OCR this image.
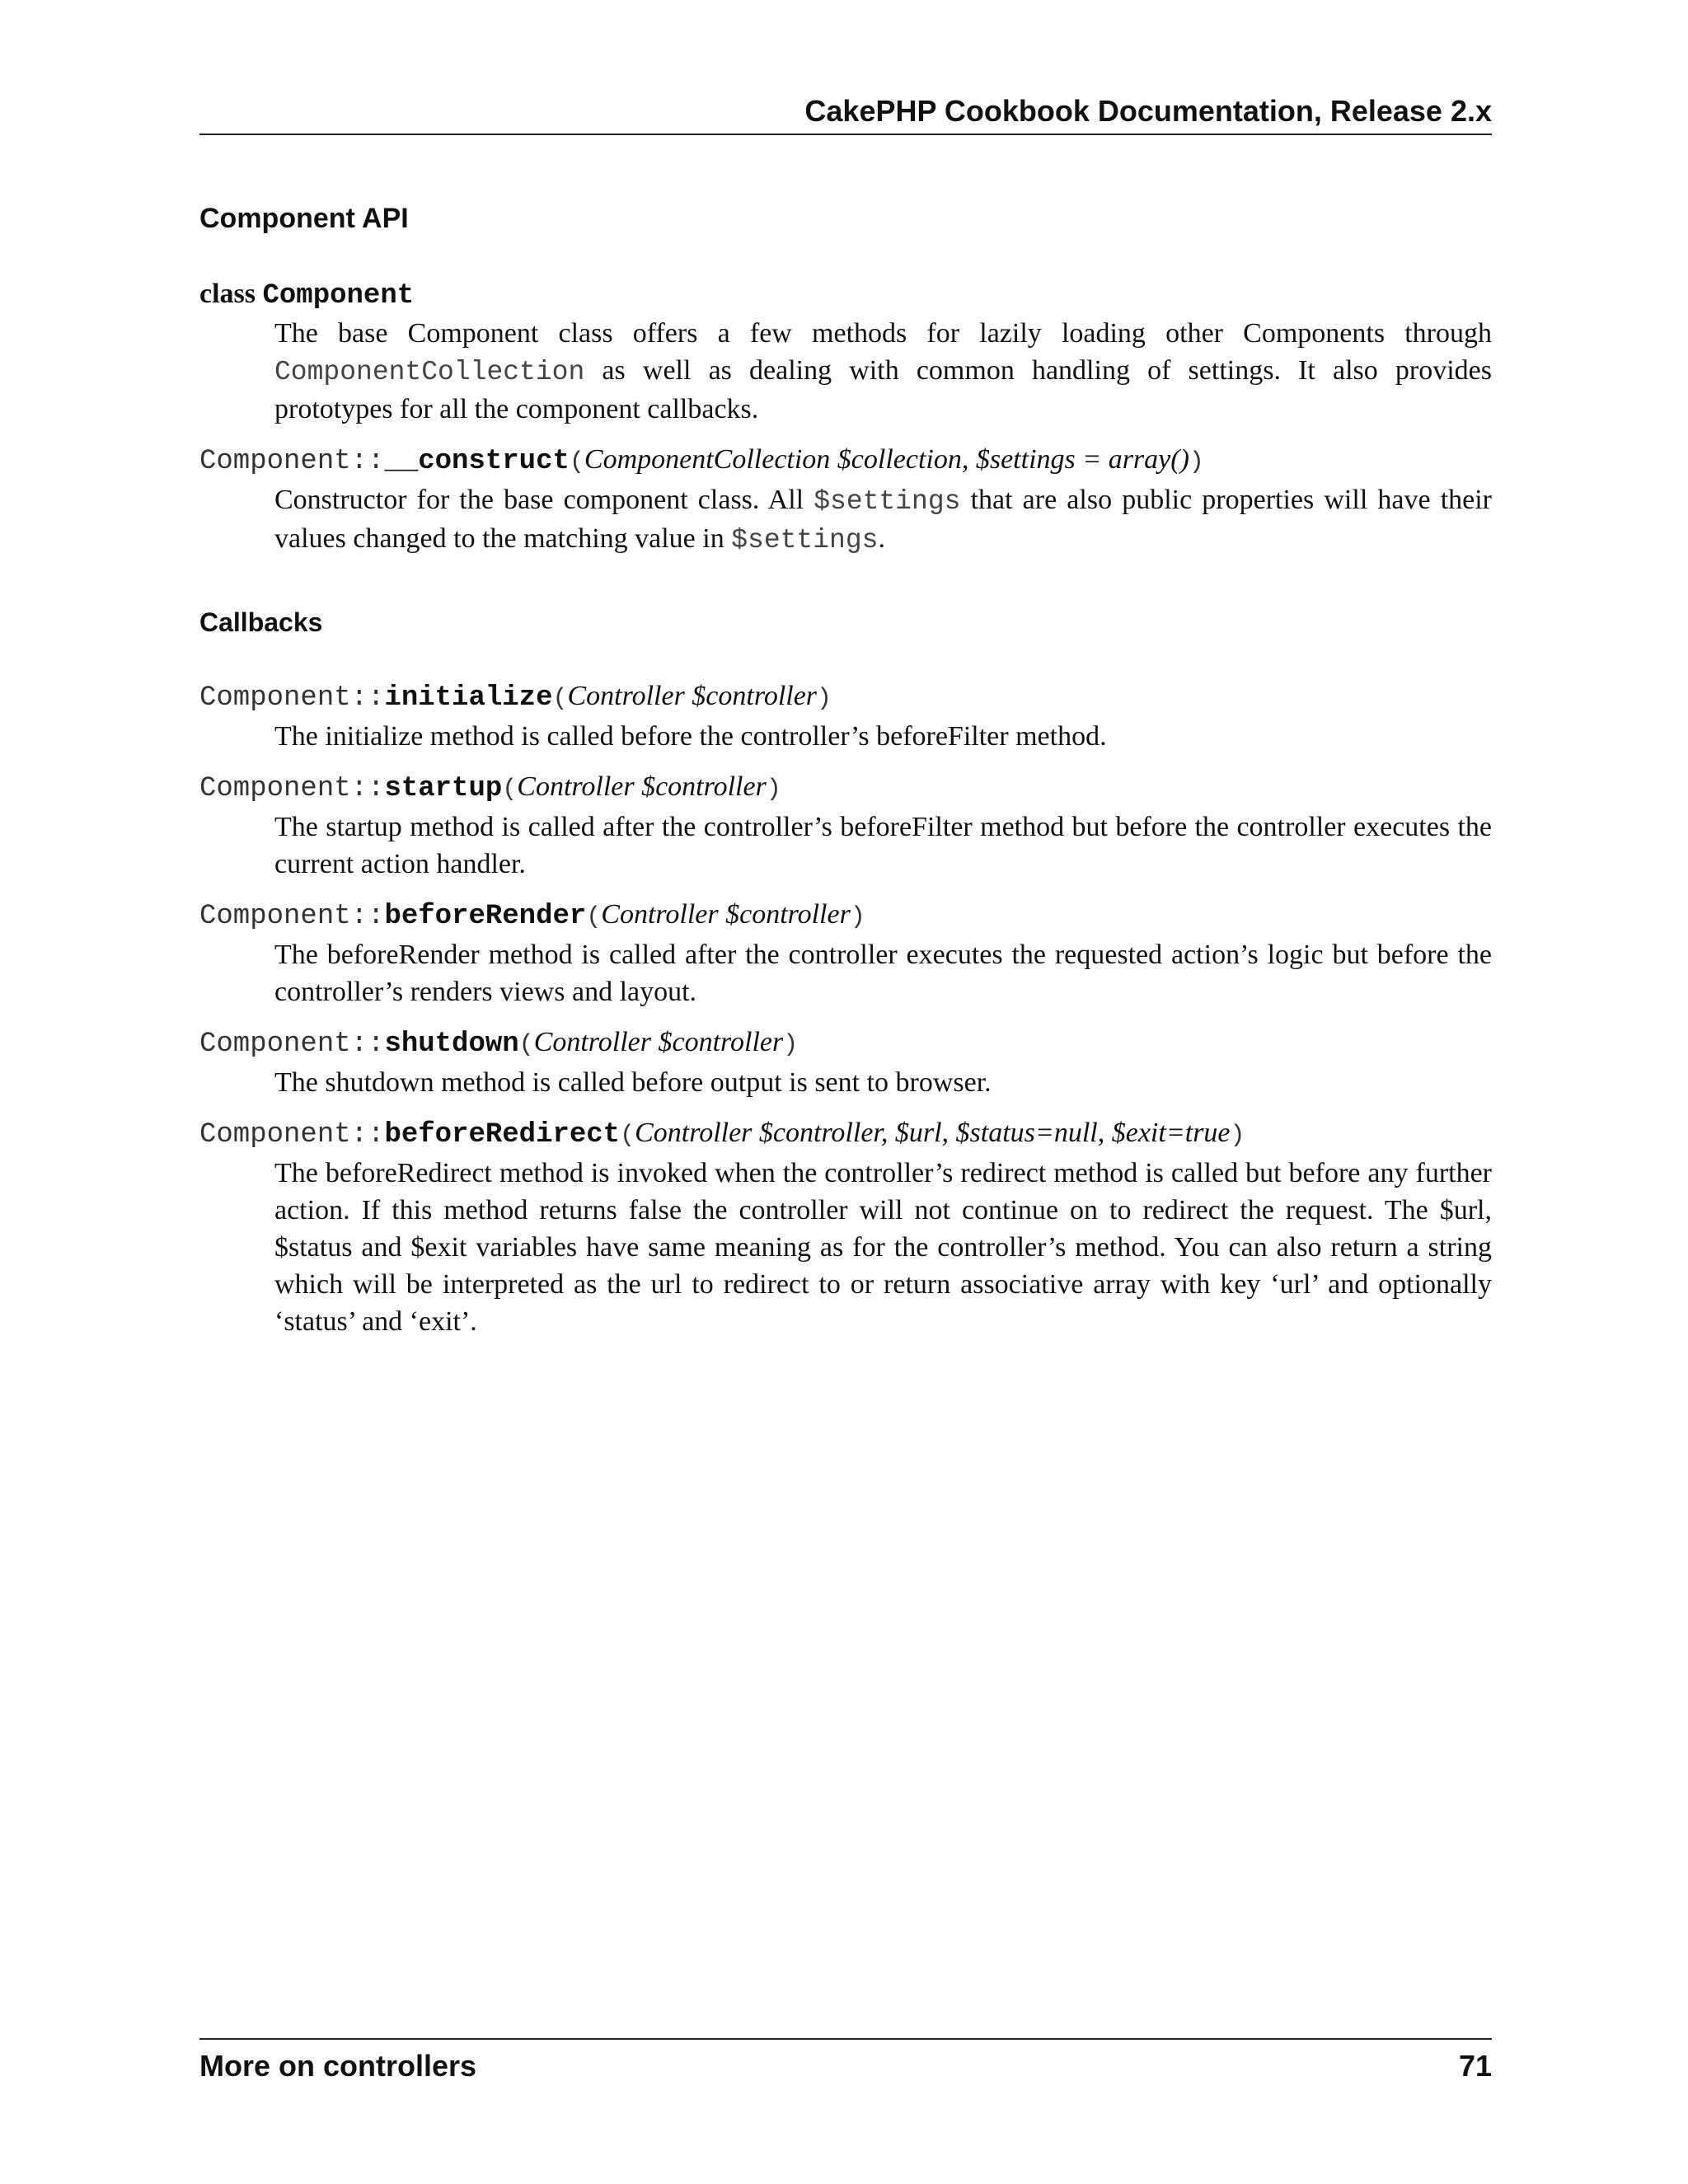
CakePHP Cookbook Documentation, Release 2.x
Component API

class Component

The base Component class offers a few methods for lazily loading other Components through ComponentCollection as well as dealing with common handling of settings. It also provides prototypes for all the component callbacks.

Component::__construct(ComponentCollection $collection, $settings = array())

Constructor for the base component class. All $settings that are also public properties will have their values changed to the matching value in $settings.

Callbacks

Component::initialize(Controller $controller)

The initialize method is called before the controller’s beforeFilter method.

Component::startup(Controller $controller)

The startup method is called after the controller’s beforeFilter method but before the controller executes the current action handler.

Component::beforeRender(Controller $controller)

The beforeRender method is called after the controller executes the requested action’s logic but before the controller’s renders views and layout.

Component::shutdown(Controller $controller)

The shutdown method is called before output is sent to browser.

Component::beforeRedirect(Controller $controller, $url, $status=null, $exit=true)

The beforeRedirect method is invoked when the controller’s redirect method is called but before any further action. If this method returns false the controller will not continue on to redirect the request. The $url, $status and $exit variables have same meaning as for the controller’s method. You can also return a string which will be interpreted as the url to redirect to or return associative array with key ‘url’ and optionally ‘status’ and ‘exit’.

More on controllers	71
